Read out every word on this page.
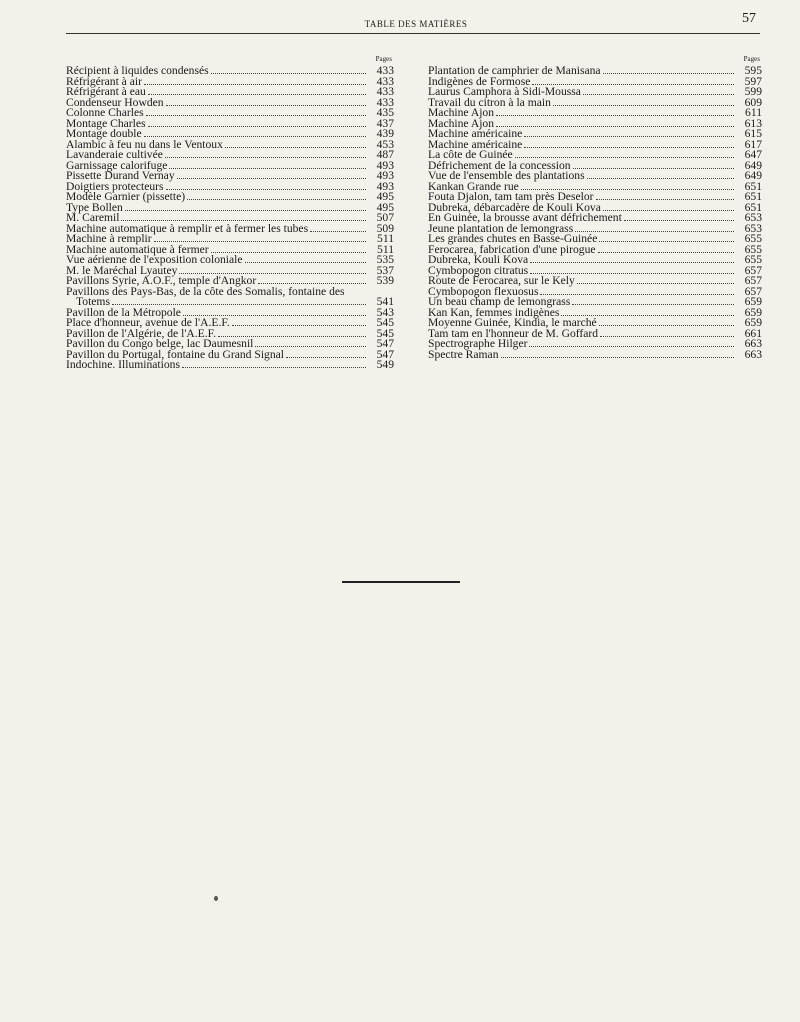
TABLE DES MATIÈRES	57
Pages
Récipient à liquides condensés	433
Réfrigérant à air	433
Réfrigérant à eau	433
Condenseur Howden	433
Colonne Charles	435
Montage Charles	437
Montage double	439
Alambic à feu nu dans le Ventoux	453
Lavanderaie cultivée	487
Garnissage calorifuge	493
Pissette Durand Vernay	493
Doigtiers protecteurs	493
Modèle Garnier (pissette)	495
Type Bollen	495
M. Caremil	507
Machine automatique à remplir et à fermer les tubes	509
Machine à remplir	511
Machine automatique à fermer	511
Vue aérienne de l'exposition coloniale	535
M. le Maréchal Lyautey	537
Pavillons Syrie, A.O.F., temple d'Angkor	539
Pavillons des Pays-Bas, de la côte des Somalis, fontaine des
Totems	541
Pavillon de la Métropole	543
Place d'honneur, avenue de l'A.E.F.	545
Pavillon de l'Algérie, de l'A.E.F.	545
Pavillon du Congo belge, lac Daumesnil	547
Pavillon du Portugal, fontaine du Grand Signal	547
Indochine. Illuminations	549
Pages
Plantation de camphrier de Manisana	595
Indigènes de Formose	597
Laurus Camphora à Sidi-Moussa	599
Travail du citron à la main	609
Machine Ajon	611
Machine Ajon	613
Machine américaine	615
Machine américaine	617
La côte de Guinée	647
Défrichement de la concession	649
Vue de l'ensemble des plantations	649
Kankan Grande rue	651
Fouta Djalon, tam tam près Deselor	651
Dubreka, débarcadère de Kouli Kova	651
En Guinée, la brousse avant défrichement	653
Jeune plantation de lemongrass	653
Les grandes chutes en Basse-Guinée	655
Ferocarea, fabrication d'une pirogue	655
Dubreka, Kouli Kova	655
Cymbopogon citratus	657
Route de Ferocarea, sur le Kely	657
Cymbopogon flexuosus	657
Un beau champ de lemongrass	659
Kan Kan, femmes indigènes	659
Moyenne Guinée, Kindia, le marché	659
Tam tam en l'honneur de M. Goffard	661
Spectrographe Hilger	663
Spectre Raman	663
